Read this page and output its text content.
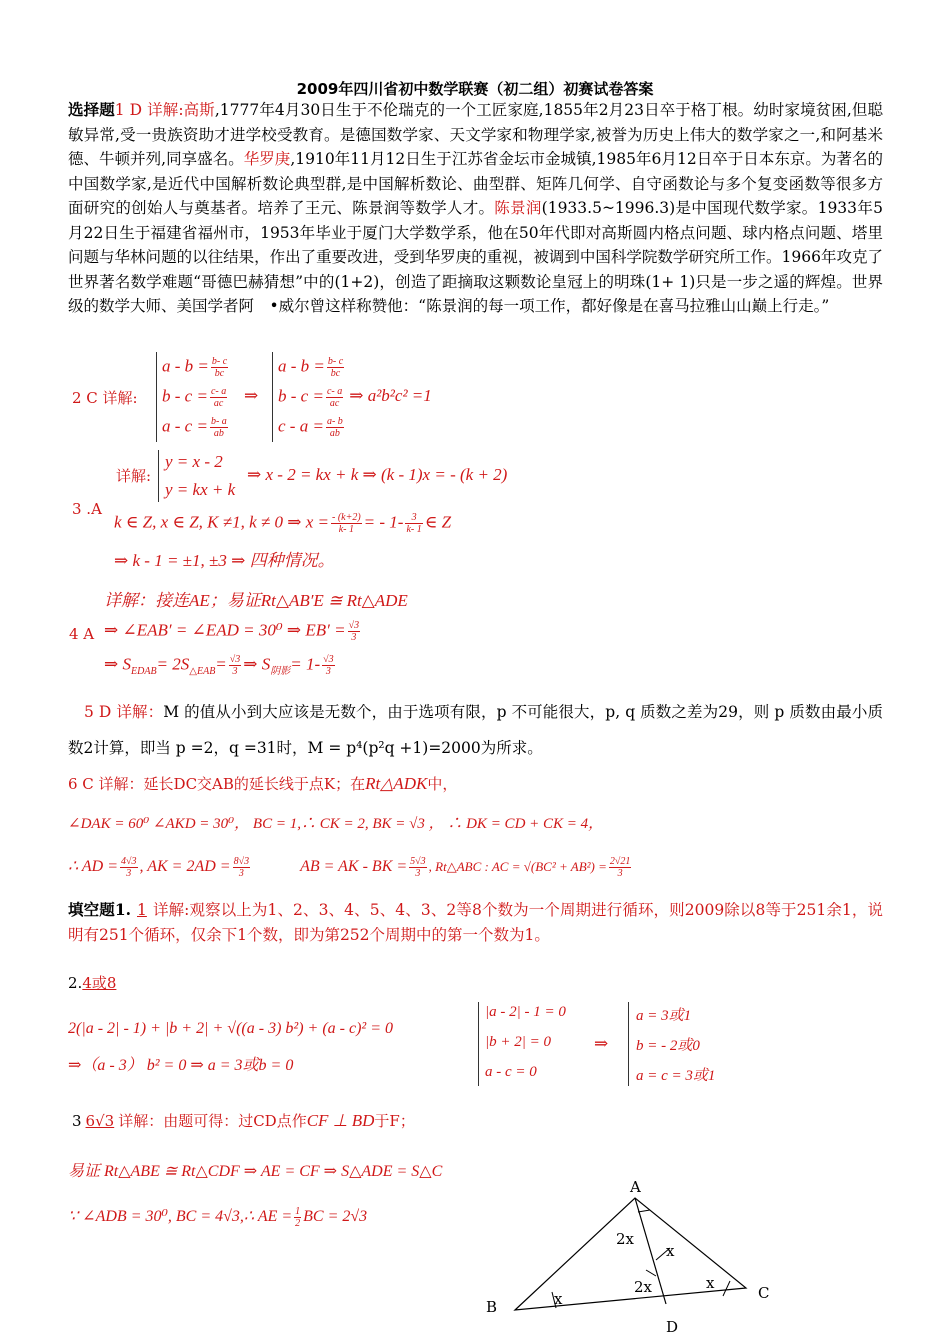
2009年四川省初中数学联赛（初二组）初赛试卷答案
选择题1 D 详解:高斯,1777年4月30日生于不伦瑞克的一个工匠家庭,1855年2月23日卒于格丁根。幼时家境贫困,但聪敏异常,受一贵族资助才进学校受教育。是德国数学家、天文学家和物理学家,被誉为历史上伟大的数学家之一,和阿基米德、牛顿并列,同享盛名。华罗庚,1910年11月12日生于江苏省金坛市金城镇,1985年6月12日卒于日本东京。为著名的中国数学家,是近代中国解析数论典型群,是中国解析数论、曲型群、矩阵几何学、自守函数论与多个复变函数等很多方面研究的创始人与奠基者。培养了王元、陈景润等数学人才。陈景润(1933.5~1996.3)是中国现代数学家。1933年5月22日生于福建省福州市，1953年毕业于厦门大学数学系，他在50年代即对高斯圆内格点问题、球内格点问题、塔里问题与华林问题的以往结果，作出了重要改进，受到华罗庚的重视，被调到中国科学院数学研究所工作。1966年攻克了世界著名数学难题“哥德巴赫猜想”中的(1+2)，创造了距摘取这颗数论皇冠上的明珠(1+ 1)只是一步之遥的辉煌。世界级的数学大师、美国学者阿　•威尔曾这样称赞他：“陈景润的每一项工作，都好像是在喜马拉雅山山巅上行走。”
2 C 详解:
$a - b = \frac{b- c}{bc}$
$b - c = \frac{c- a}{ac}$
$a - c = \frac{b- a}{ab}$
⇒
$a - b = \frac{b- c}{bc}$
$b - c = \frac{c- a}{ac}$ ⇒ a²b²c² =1
$c - a = \frac{a- b}{ab}$
详解:
y = x - 2
y = kx + k
⇒ x - 2 = kx + k ⇒ (k - 1)x = - (k + 2)
3 .A
k ∈ Z, x ∈ Z, K ≠1, k ≠ 0 ⇒ $x = \frac{- (k+2)}{k- 1}$ = - $1- \frac{3}{k- 1}$ ∈ Z
⇒ k - 1 = ±1, ±3 ⇒ 四种情况。
详解：接连AE；易证Rt△AB′E ≅ Rt△ADE
4 A ⇒ ∠EAB′ = ∠EAD = 30⁰ ⇒ $EB' = \frac{√3}{3}$
⇒ $S_{EDAB}= 2S_{\triangle EAB}= \frac{√3}{3}$ ⇒ $S_{阴影}= 1- \frac{√3}{3}$
5 D 详解：M 的值从小到大应该是无数个，由于选项有限，p 不可能很大，p, q 质数之差为29，则 p 质数由最小质数2计算，即当 p =2，q =31时，M = p⁴(p²q +1)=2000为所求。
6 C 详解：延长DC交AB的延长线于点K；在Rt△ADK中，
∠DAK = 60⁰ ∠AKD = 30⁰， BC = 1,∴ CK = 2, BK = √3 ， ∴ DK = CD + CK = 4，
∴ AD = $\frac{4√3}{3}$ , AK = $2AD = \frac{8√3}{3}$	AB = AK - BK = $\frac{5√3}{3}$ , Rt△ABC : AC = $√(BC^2 + AB^2) = \frac{2√21}{3}$
填空题1. 1 详解:观察以上为1、2、3、4、5、4、3、2等8个数为一个周期进行循环，则2009除以8等于251余1，说明有251个循环，仅余下1个数，即为第252个周期中的第一个数为1。
2.4或8
2(|a - 2| - 1) + |b + 2| + √((a - 3) b²) + (a - c)² = 0
⇒（a - 3） b² = 0 ⇒ a = 3或b = 0
|a - 2| - 1 = 0
|b + 2| = 0
a - c = 0
⇒
a = 3或1
b = - 2或0
a = c = 3或1
3 6√3 详解：由题可得：过CD点作CF ⊥ BD于F；
易证 Rt△ABE ≅ Rt△CDF ⇒ AE = CF ⇒ S△ADE = S△C
∵ ∠ADB = 30⁰, BC = 4√3,∴ AE = $\frac{1}{2}$ BC = 2√3
A
B
C
D
2x
x
2x	x
x
